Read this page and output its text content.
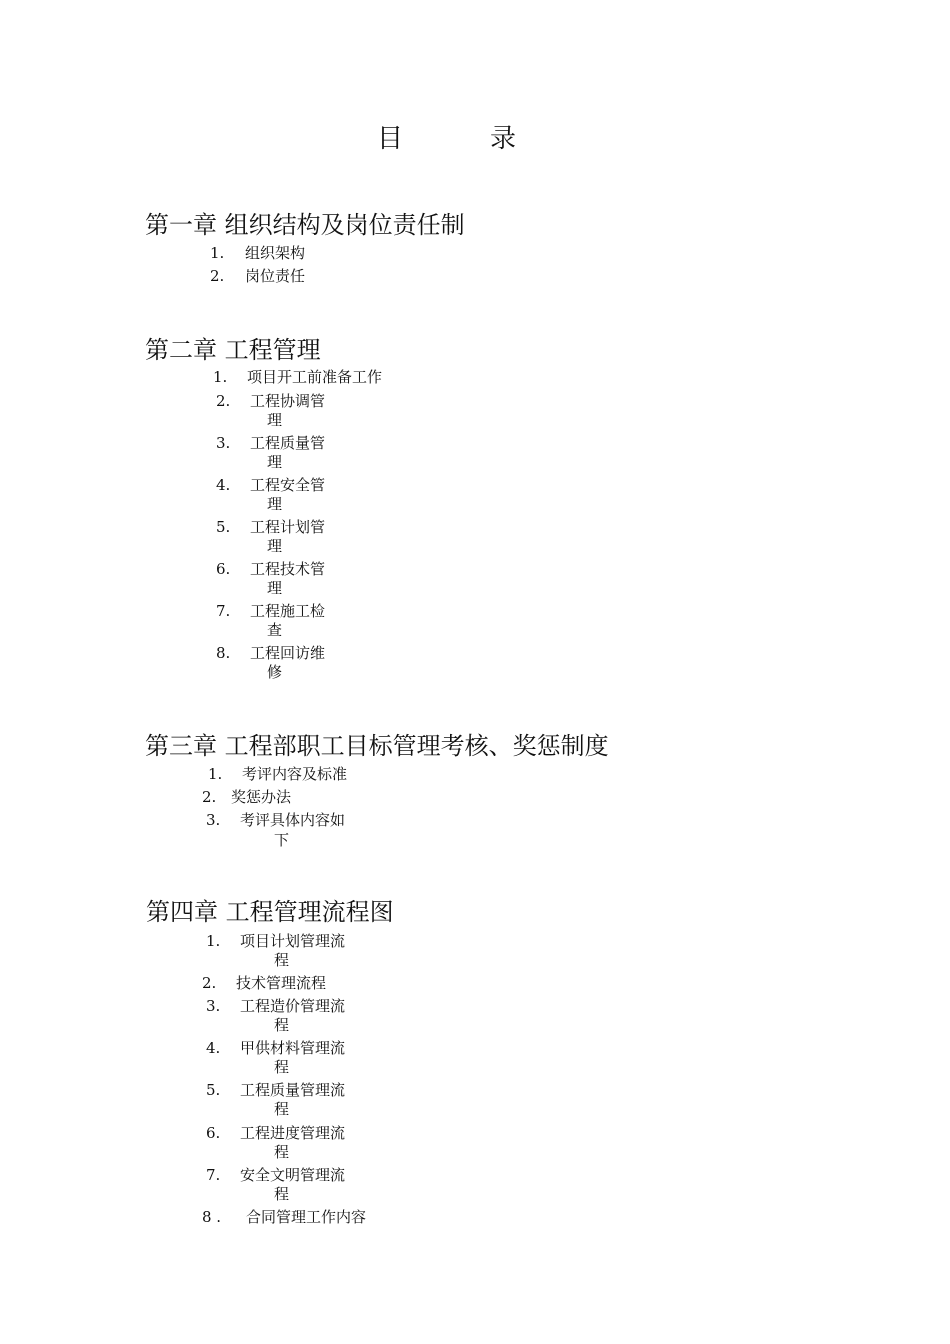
目	录
第一章 组织结构及岗位责任制
1. 组织架构
2. 岗位责任
第二章 工程管理
1. 项目开工前准备工作
2. 工程协调管
理
3. 工程质量管
理
4. 工程安全管
理
5. 工程计划管
理
6. 工程技术管
理
7. 工程施工检
查
8. 工程回访维
修
第三章 工程部职工目标管理考核、奖惩制度
1. 考评内容及标准
2. 奖惩办法
3. 考评具体内容如
下
第四章 工程管理流程图
1. 项目计划管理流
程
2. 技术管理流程
3. 工程造价管理流
程
4. 甲供材料管理流
程
5. 工程质量管理流
程
6. 工程进度管理流
程
7. 安全文明管理流
程
8 . 合同管理工作内容
